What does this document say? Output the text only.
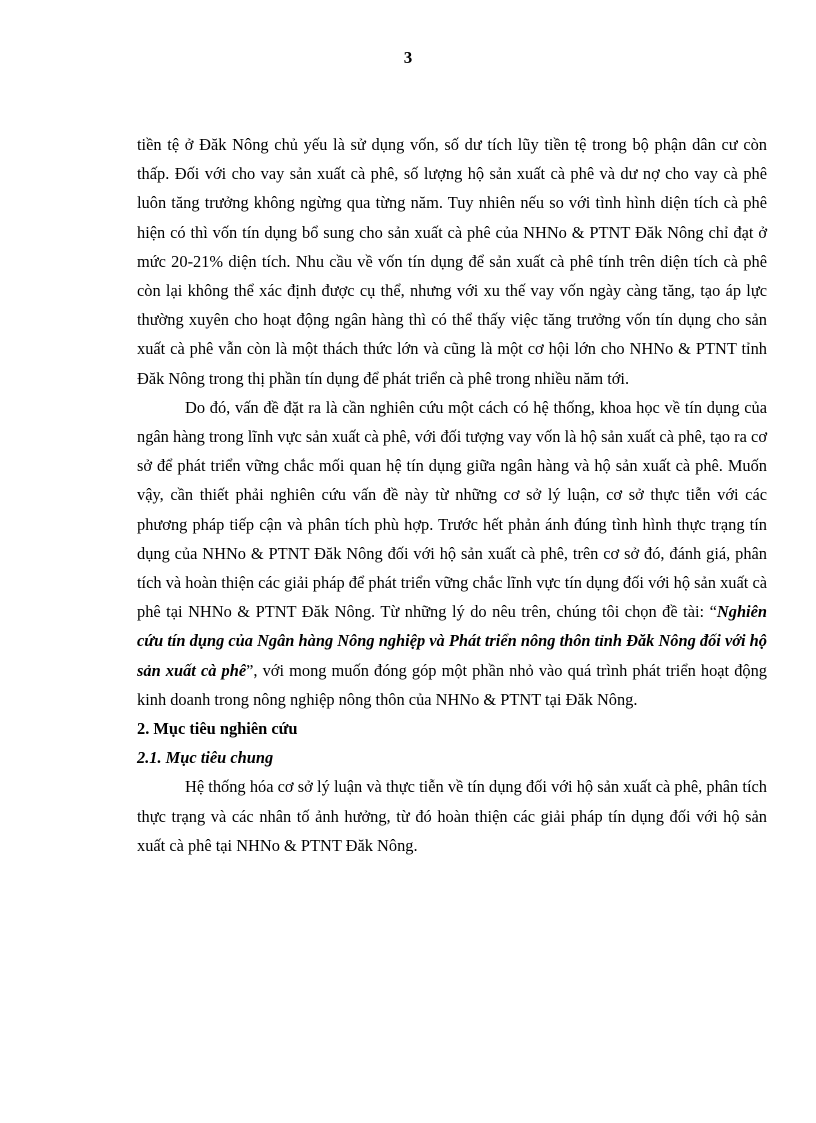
3

tiền tệ ở Đăk Nông chủ yếu là sử dụng vốn, số dư tích lũy tiền tệ trong bộ phận dân cư còn thấp. Đối với cho vay sản xuất cà phê, số lượng hộ sản xuất cà phê và dư nợ cho vay cà phê luôn tăng trưởng không ngừng qua từng năm. Tuy nhiên nếu so với tình hình diện tích cà phê hiện có thì vốn tín dụng bổ sung cho sản xuất cà phê của NHNo & PTNT Đăk Nông chỉ đạt ở mức 20-21% diện tích. Nhu cầu về vốn tín dụng để sản xuất cà phê tính trên diện tích cà phê còn lại không thể xác định được cụ thể, nhưng với xu thế vay vốn ngày càng tăng, tạo áp lực thường xuyên cho hoạt động ngân hàng thì có thể thấy việc tăng trưởng vốn tín dụng cho sản xuất cà phê vẫn còn là một thách thức lớn và cũng là một cơ hội lớn cho NHNo & PTNT tỉnh Đăk Nông trong thị phần tín dụng để phát triển cà phê trong nhiều năm tới.

Do đó, vấn đề đặt ra là cần nghiên cứu một cách có hệ thống, khoa học về tín dụng của ngân hàng trong lĩnh vực sản xuất cà phê, với đối tượng vay vốn là hộ sản xuất cà phê, tạo ra cơ sở để phát triển vững chắc mối quan hệ tín dụng giữa ngân hàng và hộ sản xuất cà phê. Muốn vậy, cần thiết phải nghiên cứu vấn đề này từ những cơ sở lý luận, cơ sở thực tiễn với các phương pháp tiếp cận và phân tích phù hợp. Trước hết phản ánh đúng tình hình thực trạng tín dụng của NHNo & PTNT Đăk Nông đối với hộ sản xuất cà phê, trên cơ sở đó, đánh giá, phân tích và hoàn thiện các giải pháp để phát triển vững chắc lĩnh vực tín dụng đối với hộ sản xuất cà phê tại NHNo & PTNT Đăk Nông. Từ những lý do nêu trên, chúng tôi chọn đề tài: “Nghiên cứu tín dụng của Ngân hàng Nông nghiệp và Phát triển nông thôn tỉnh Đăk Nông đối với hộ sản xuất cà phê”, với mong muốn đóng góp một phần nhỏ vào quá trình phát triển hoạt động kinh doanh trong nông nghiệp nông thôn của NHNo & PTNT tại Đăk Nông.

2. Mục tiêu nghiên cứu

2.1. Mục tiêu chung

Hệ thống hóa cơ sở lý luận và thực tiễn về tín dụng đối với hộ sản xuất cà phê, phân tích thực trạng và các nhân tố ảnh hưởng, từ đó hoàn thiện các giải pháp tín dụng đối với hộ sản xuất cà phê tại NHNo & PTNT Đăk Nông.
